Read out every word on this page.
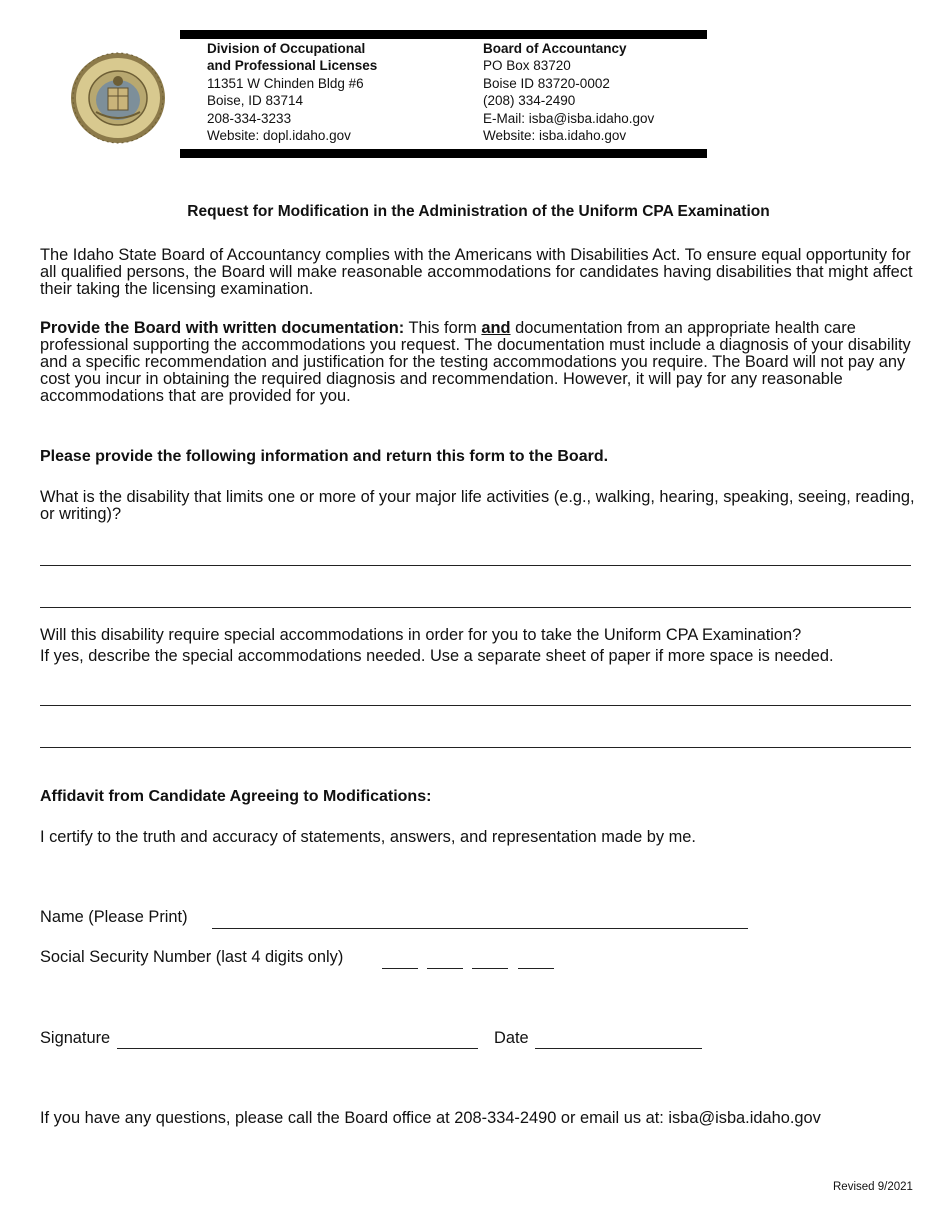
Division of Occupational
and Professional Licenses
11351 W Chinden Bldg #6
Boise, ID 83714
208-334-3233
Website: dopl.idaho.gov
Board of Accountancy
PO Box 83720
Boise ID 83720-0002
(208) 334-2490
E-Mail: isba@isba.idaho.gov
Website: isba.idaho.gov
Request for Modification in the Administration of the Uniform CPA Examination
The Idaho State Board of Accountancy complies with the Americans with Disabilities Act. To ensure equal opportunity for all qualified persons, the Board will make reasonable accommodations for candidates having disabilities that might affect their taking the licensing examination.
Provide the Board with written documentation: This form and documentation from an appropriate health care professional supporting the accommodations you request. The documentation must include a diagnosis of your disability and a specific recommendation and justification for the testing accommodations you require. The Board will not pay any cost you incur in obtaining the required diagnosis and recommendation. However, it will pay for any reasonable accommodations that are provided for you.
Please provide the following information and return this form to the Board.
What is the disability that limits one or more of your major life activities (e.g., walking, hearing, speaking, seeing, reading, or writing)?
Will this disability require special accommodations in order for you to take the Uniform CPA Examination?
If yes, describe the special accommodations needed. Use a separate sheet of paper if more space is needed.
Affidavit from Candidate Agreeing to Modifications:
I certify to the truth and accuracy of statements, answers, and representation made by me.
Name (Please Print)
Social Security Number (last 4 digits only)
Signature	Date
If you have any questions, please call the Board office at 208-334-2490 or email us at: isba@isba.idaho.gov
Revised 9/2021
